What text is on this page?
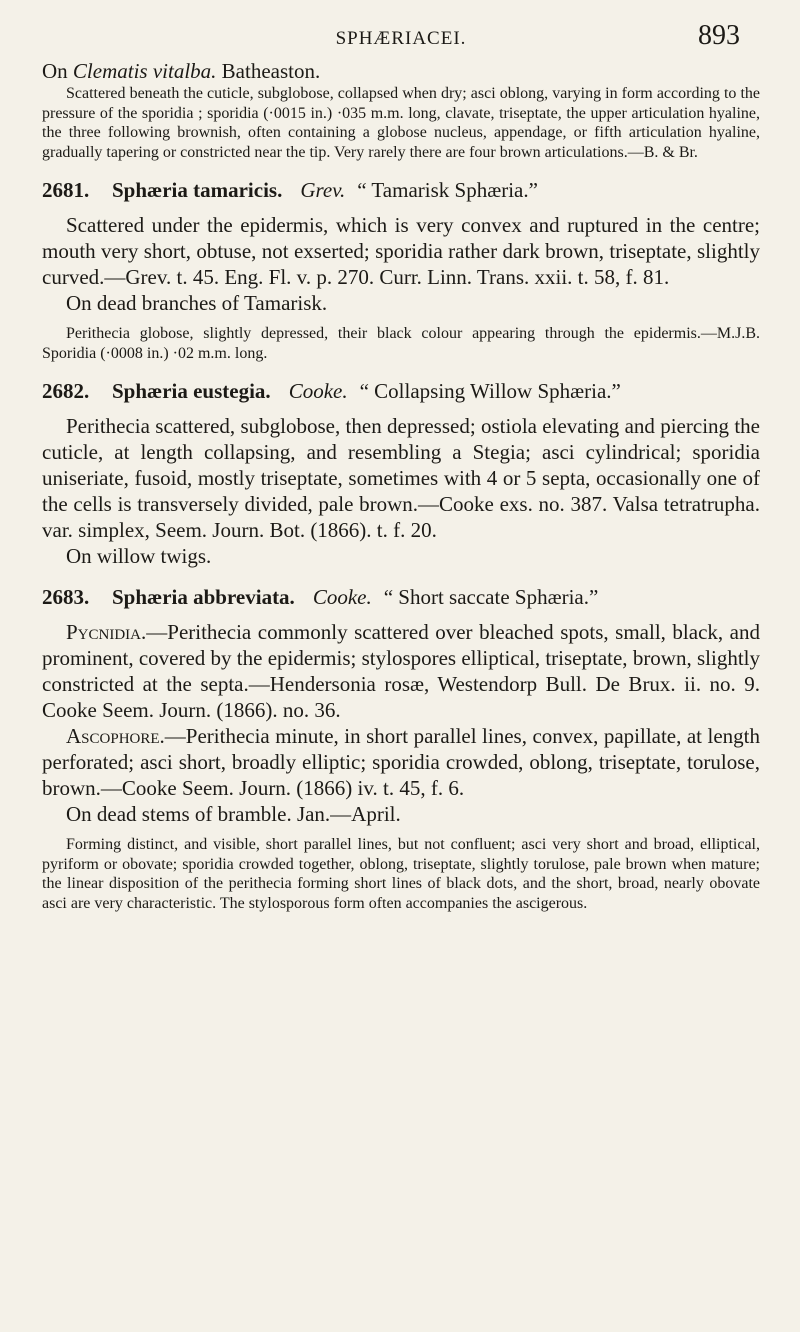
SPHÆRIACEI.	893

On Clematis vitalba. Batheaston.

Scattered beneath the cuticle, subglobose, collapsed when dry; asci oblong, varying in form according to the pressure of the sporidia ; sporidia (·0015 in.) ·035 m.m. long, clavate, triseptate, the upper articulation hyaline, the three following brownish, often containing a globose nucleus, appendage, or fifth articulation hyaline, gradually tapering or constricted near the tip. Very rarely there are four brown articulations.—B. & Br.

2681.	Sphæria tamaricis. Grev. “ Tamarisk Sphæria.”

Scattered under the epidermis, which is very convex and ruptured in the centre; mouth very short, obtuse, not exserted; sporidia rather dark brown, triseptate, slightly curved.—Grev. t. 45. Eng. Fl. v. p. 270. Curr. Linn. Trans. xxii. t. 58, f. 81.

On dead branches of Tamarisk.

Perithecia globose, slightly depressed, their black colour appearing through the epidermis.—M.J.B. Sporidia (·0008 in.) ·02 m.m. long.

2682.	Sphæria eustegia. Cooke. “ Collapsing Willow Sphæria.”

Perithecia scattered, subglobose, then depressed; ostiola elevating and piercing the cuticle, at length collapsing, and resembling a Stegia; asci cylindrical; sporidia uniseriate, fusoid, mostly triseptate, sometimes with 4 or 5 septa, occasionally one of the cells is transversely divided, pale brown.—Cooke exs. no. 387. Valsa tetratrupha. var. simplex, Seem. Journ. Bot. (1866). t. f. 20.

On willow twigs.

2683.	Sphæria abbreviata. Cooke. “ Short saccate Sphæria.”

Pycnidia.—Perithecia commonly scattered over bleached spots, small, black, and prominent, covered by the epidermis; stylospores elliptical, triseptate, brown, slightly constricted at the septa.—Hendersonia rosæ, Westendorp Bull. De Brux. ii. no. 9. Cooke Seem. Journ. (1866). no. 36.

Ascophore.—Perithecia minute, in short parallel lines, convex, papillate, at length perforated; asci short, broadly elliptic; sporidia crowded, oblong, triseptate, torulose, brown.—Cooke Seem. Journ. (1866) iv. t. 45, f. 6.

On dead stems of bramble. Jan.—April.

Forming distinct, and visible, short parallel lines, but not confluent; asci very short and broad, elliptical, pyriform or obovate; sporidia crowded together, oblong, triseptate, slightly torulose, pale brown when mature; the linear disposition of the perithecia forming short lines of black dots, and the short, broad, nearly obovate asci are very characteristic. The stylosporous form often accompanies the ascigerous.
